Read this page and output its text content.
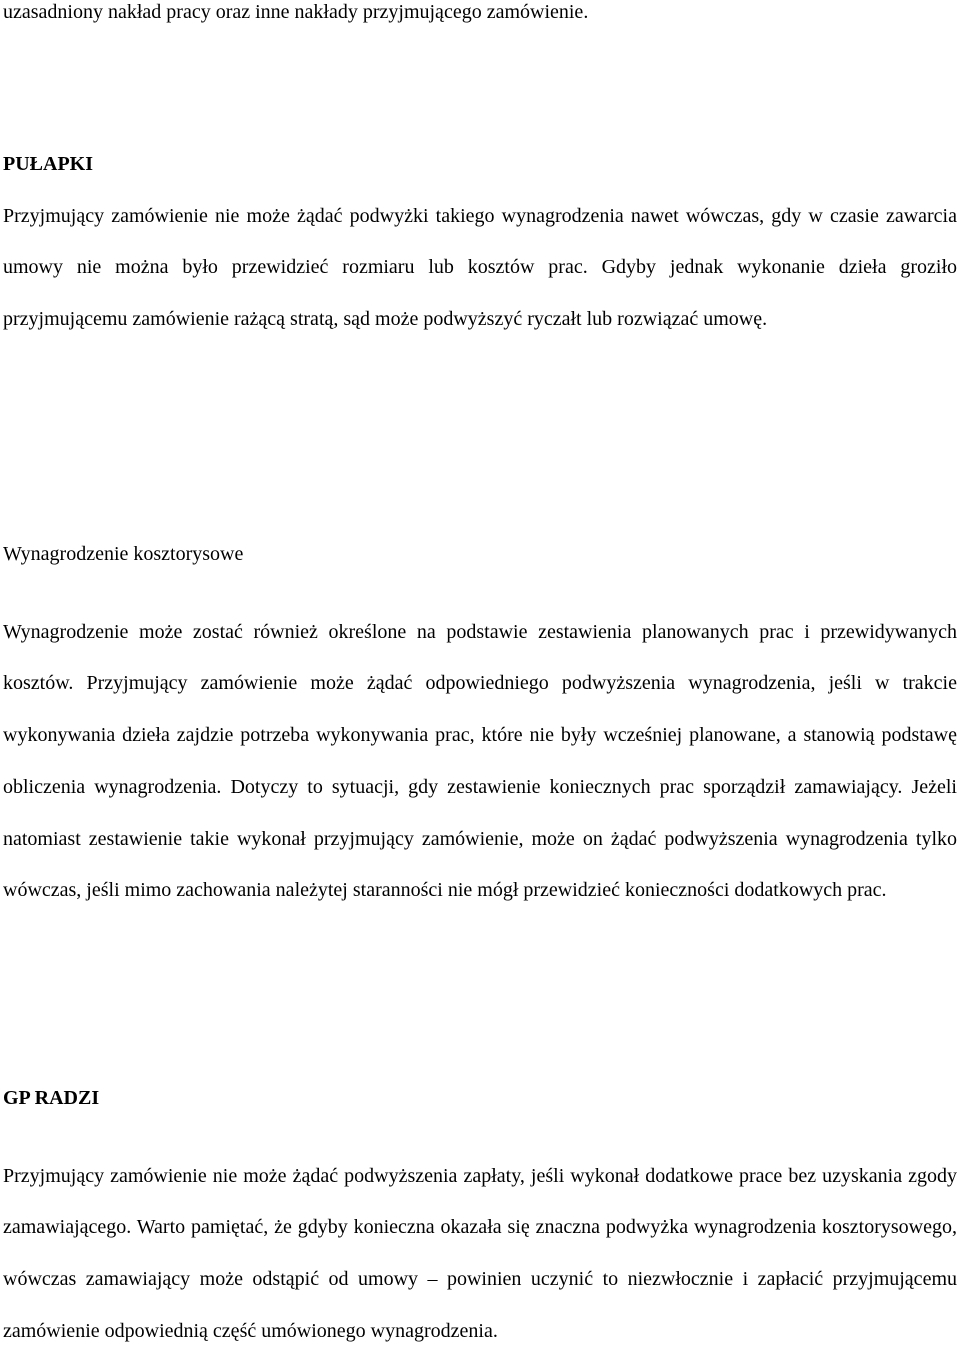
uzasadniony nakład pracy oraz inne nakłady przyjmującego zamówienie.

PUŁAPKI

Przyjmujący zamówienie nie może żądać podwyżki takiego wynagrodzenia nawet wówczas, gdy w czasie zawarcia umowy nie można było przewidzieć rozmiaru lub kosztów prac. Gdyby jednak wykonanie dzieła groziło przyjmującemu zamówienie rażącą stratą, sąd może podwyższyć ryczałt lub rozwiązać umowę.

Wynagrodzenie kosztorysowe

Wynagrodzenie może zostać również określone na podstawie zestawienia planowanych prac i przewidywanych kosztów. Przyjmujący zamówienie może żądać odpowiedniego podwyższenia wynagrodzenia, jeśli w trakcie wykonywania dzieła zajdzie potrzeba wykonywania prac, które nie były wcześniej planowane, a stanowią podstawę obliczenia wynagrodzenia. Dotyczy to sytuacji, gdy zestawienie koniecznych prac sporządził zamawiający. Jeżeli natomiast zestawienie takie wykonał przyjmujący zamówienie, może on żądać podwyższenia wynagrodzenia tylko wówczas, jeśli mimo zachowania należytej staranności nie mógł przewidzieć konieczności dodatkowych prac.

GP RADZI

Przyjmujący zamówienie nie może żądać podwyższenia zapłaty, jeśli wykonał dodatkowe prace bez uzyskania zgody zamawiającego. Warto pamiętać, że gdyby konieczna okazała się znaczna podwyżka wynagrodzenia kosztorysowego, wówczas zamawiający może odstąpić od umowy – powinien uczynić to niezwłocznie i zapłacić przyjmującemu zamówienie odpowiednią część umówionego wynagrodzenia.
